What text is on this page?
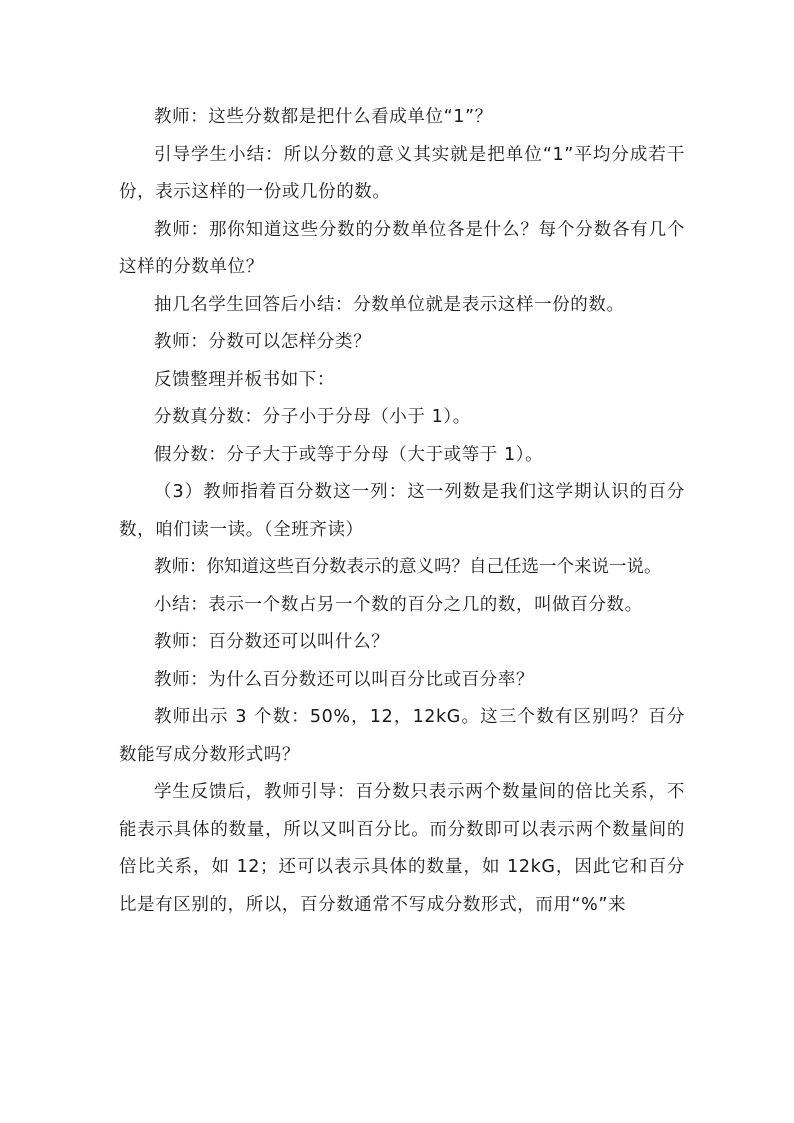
教师：这些分数都是把什么看成单位“1”？

引导学生小结：所以分数的意义其实就是把单位“1”平均分成若干份，表示这样的一份或几份的数。

教师：那你知道这些分数的分数单位各是什么？每个分数各有几个这样的分数单位？

抽几名学生回答后小结：分数单位就是表示这样一份的数。

教师：分数可以怎样分类？

反馈整理并板书如下：

分数真分数：分子小于分母（小于 1）。

假分数：分子大于或等于分母（大于或等于 1）。

（3）教师指着百分数这一列：这一列数是我们这学期认识的百分数，咱们读一读。（全班齐读）

教师：你知道这些百分数表示的意义吗？自己任选一个来说一说。

小结：表示一个数占另一个数的百分之几的数，叫做百分数。

教师：百分数还可以叫什么？

教师：为什么百分数还可以叫百分比或百分率？

教师出示 3 个数：50%，12，12kG。这三个数有区别吗？百分数能写成分数形式吗？

学生反馈后，教师引导：百分数只表示两个数量间的倍比关系，不能表示具体的数量，所以又叫百分比。而分数即可以表示两个数量间的倍比关系，如 12；还可以表示具体的数量，如 12kG，因此它和百分比是有区别的，所以，百分数通常不写成分数形式，而用“%”来
